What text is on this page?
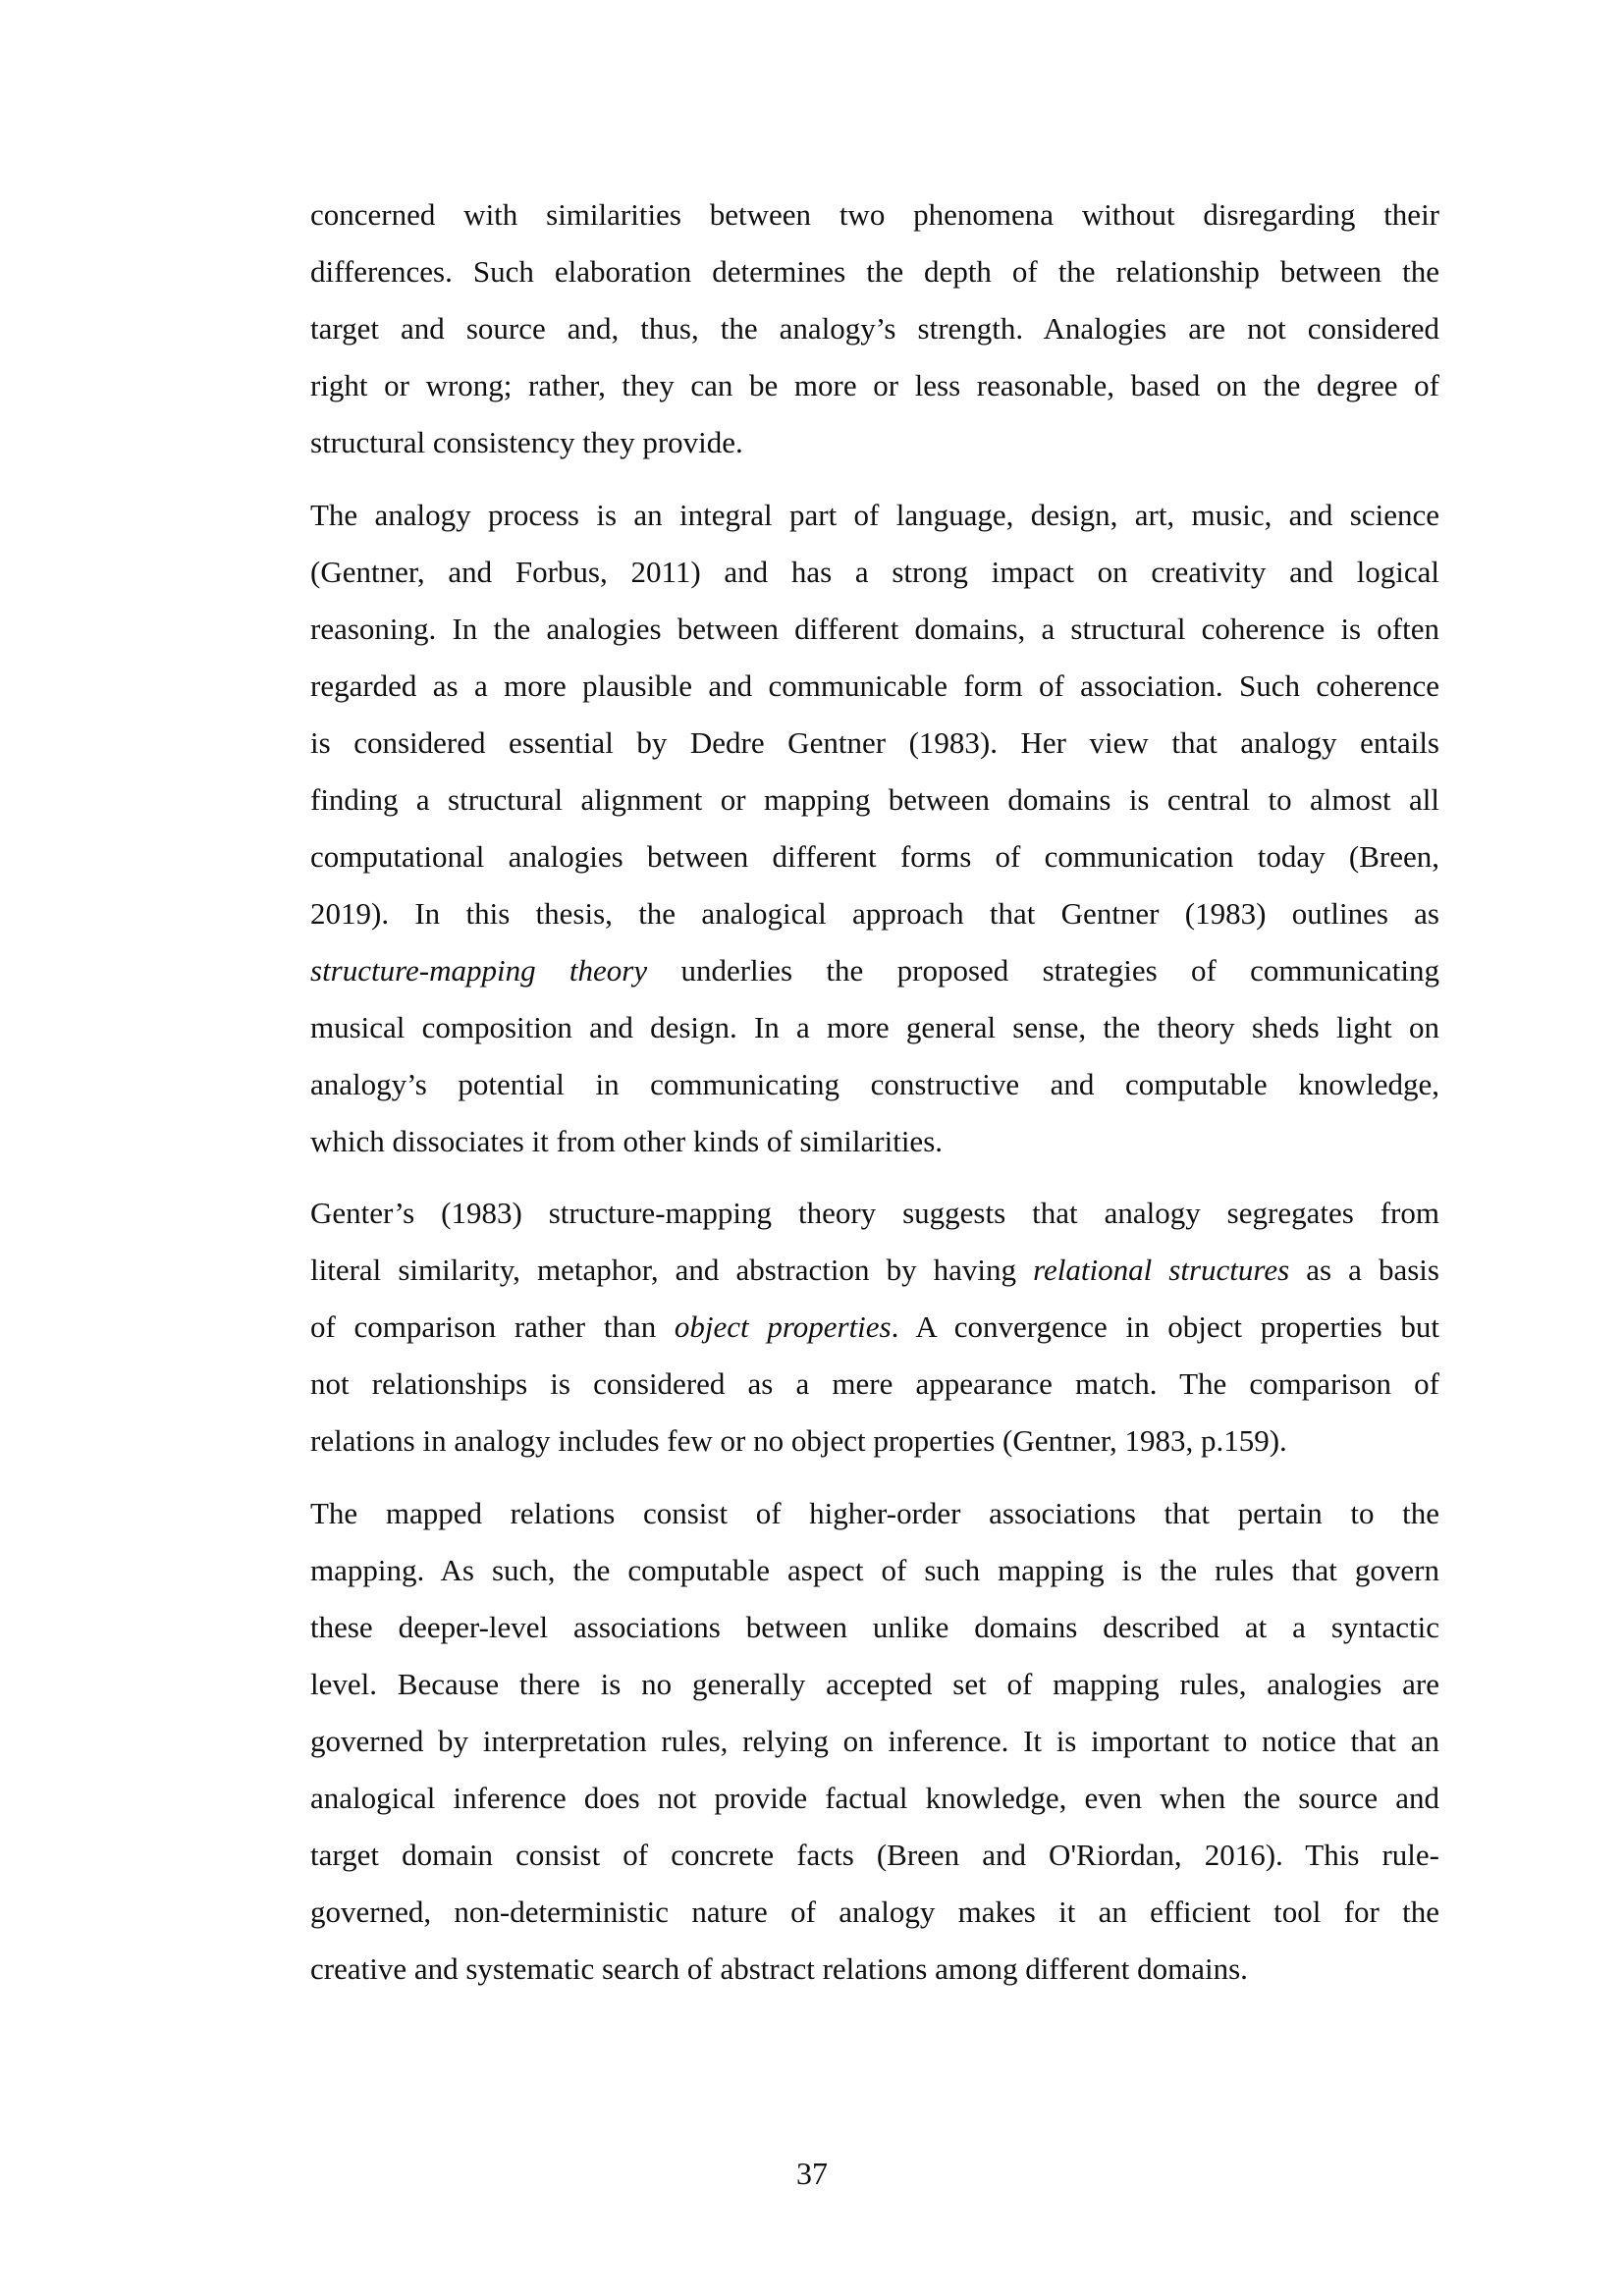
concerned with similarities between two phenomena without disregarding their
differences. Such elaboration determines the depth of the relationship between the
target and source and, thus, the analogy’s strength. Analogies are not considered
right or wrong; rather, they can be more or less reasonable, based on the degree of
structural consistency they provide.
The analogy process is an integral part of language, design, art, music, and science
(Gentner, and Forbus, 2011) and has a strong impact on creativity and logical
reasoning. In the analogies between different domains, a structural coherence is often
regarded as a more plausible and communicable form of association. Such coherence
is considered essential by Dedre Gentner (1983). Her view that analogy entails
finding a structural alignment or mapping between domains is central to almost all
computational analogies between different forms of communication today (Breen,
2019). In this thesis, the analogical approach that Gentner (1983) outlines as
structure-mapping theory underlies the proposed strategies of communicating
musical composition and design. In a more general sense, the theory sheds light on
analogy’s potential in communicating constructive and computable knowledge,
which dissociates it from other kinds of similarities.
Genter’s (1983) structure-mapping theory suggests that analogy segregates from
literal similarity, metaphor, and abstraction by having relational structures as a basis
of comparison rather than object properties. A convergence in object properties but
not relationships is considered as a mere appearance match. The comparison of
relations in analogy includes few or no object properties (Gentner, 1983, p.159).
The mapped relations consist of higher-order associations that pertain to the
mapping. As such, the computable aspect of such mapping is the rules that govern
these deeper-level associations between unlike domains described at a syntactic
level. Because there is no generally accepted set of mapping rules, analogies are
governed by interpretation rules, relying on inference. It is important to notice that an
analogical inference does not provide factual knowledge, even when the source and
target domain consist of concrete facts (Breen and O'Riordan, 2016). This rule-
governed, non-deterministic nature of analogy makes it an efficient tool for the
creative and systematic search of abstract relations among different domains.
37
